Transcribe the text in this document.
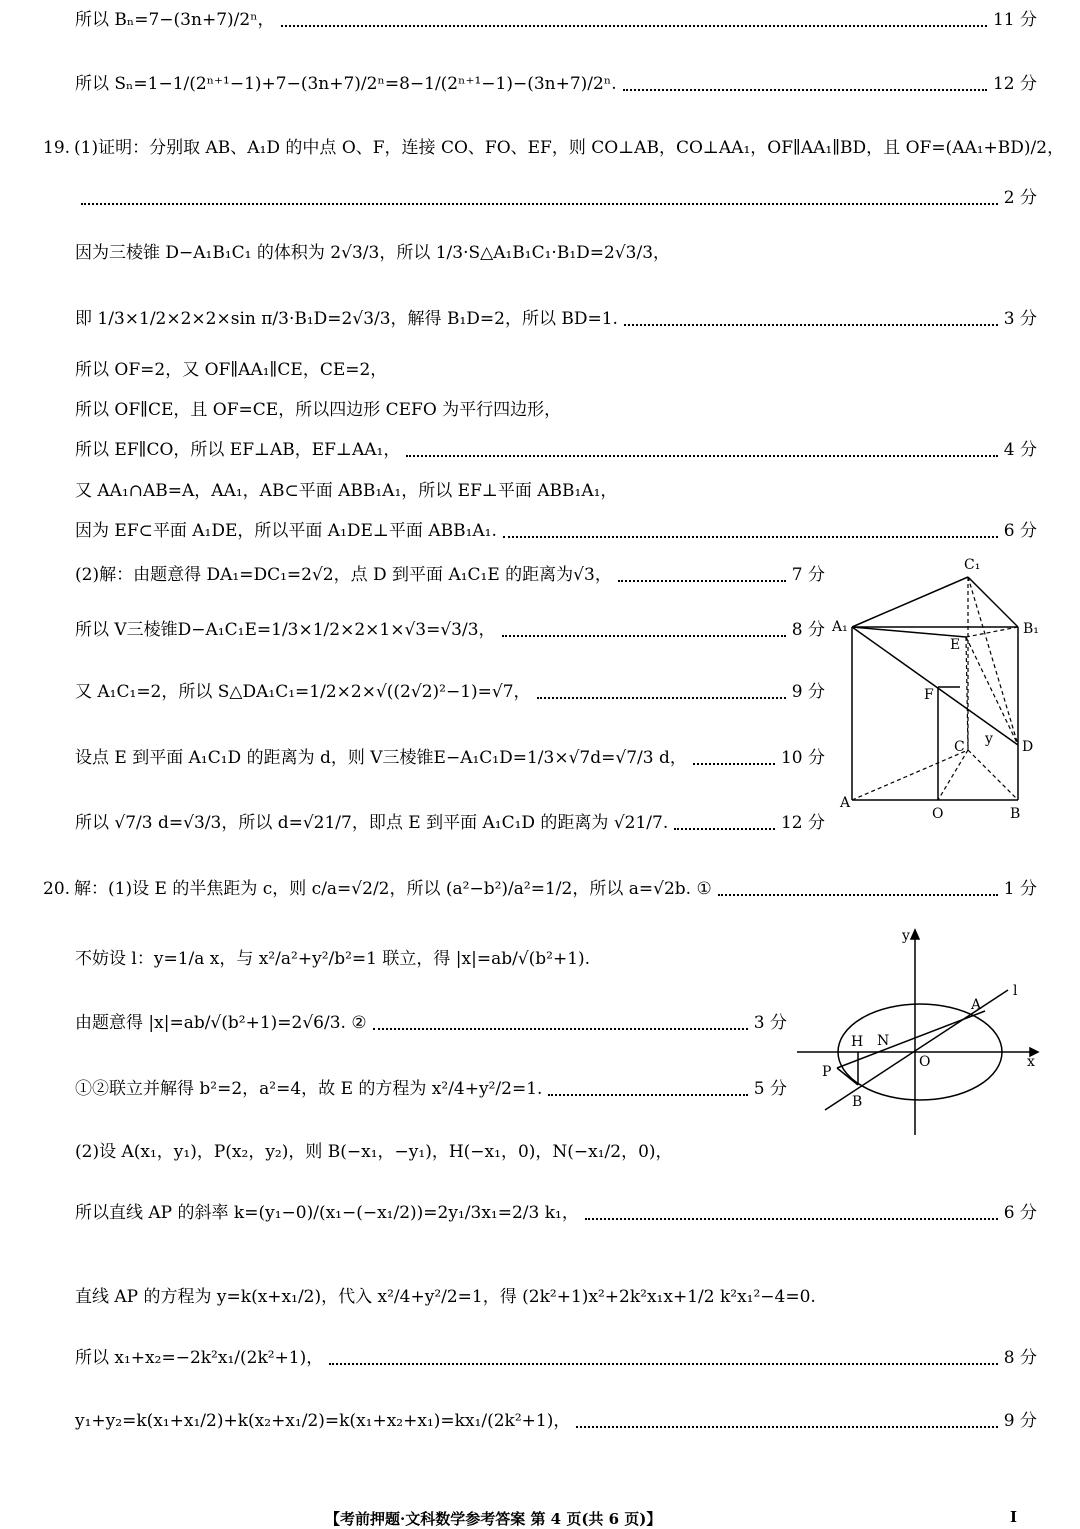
所以 Bₙ=7−(3n+7)/2ⁿ，	11 分
所以 Sₙ=1−1/(2ⁿ⁺¹−1)+7−(3n+7)/2ⁿ=8−1/(2ⁿ⁺¹−1)−(3n+7)/2ⁿ.	12 分
19. (1)证明：分别取 AB、A₁D 的中点 O、F，连接 CO、FO、EF，则 CO⊥AB，CO⊥AA₁，OF∥AA₁∥BD，且 OF=(AA₁+BD)/2，
2 分
因为三棱锥 D−A₁B₁C₁ 的体积为 2√3/3，所以 1/3·S△A₁B₁C₁·B₁D=2√3/3，
即 1/3×1/2×2×2×sin π/3·B₁D=2√3/3，解得 B₁D=2，所以 BD=1.	3 分
所以 OF=2，又 OF∥AA₁∥CE，CE=2，
所以 OF∥CE，且 OF=CE，所以四边形 CEFO 为平行四边形，
所以 EF∥CO，所以 EF⊥AB，EF⊥AA₁，	4 分
又 AA₁∩AB=A，AA₁，AB⊂平面 ABB₁A₁，所以 EF⊥平面 ABB₁A₁，
因为 EF⊂平面 A₁DE，所以平面 A₁DE⊥平面 ABB₁A₁.	6 分
(2)解：由题意得 DA₁=DC₁=2√2，点 D 到平面 A₁C₁E 的距离为√3，	7 分
所以 V三棱锥D−A₁C₁E=1/3×1/2×2×1×√3=√3/3，	8 分
又 A₁C₁=2，所以 S△DA₁C₁=1/2×2×√((2√2)²−1)=√7，	9 分
设点 E 到平面 A₁C₁D 的距离为 d，则 V三棱锥E−A₁C₁D=1/3×√7d=√7/3 d，	10 分
所以 √7/3 d=√3/3，所以 d=√21/7，即点 E 到平面 A₁C₁D 的距离为 √21/7.	12 分
20. 解：(1)设 E 的半焦距为 c，则 c/a=√2/2，所以 (a²−b²)/a²=1/2，所以 a=√2b. ①	1 分
不妨设 l：y=1/a x，与 x²/a²+y²/b²=1 联立，得 |x|=ab/√(b²+1).
由题意得 |x|=ab/√(b²+1)=2√6/3. ②	3 分
①②联立并解得 b²=2，a²=4，故 E 的方程为 x²/4+y²/2=1.	5 分
(2)设 A(x₁，y₁)，P(x₂，y₂)，则 B(−x₁，−y₁)，H(−x₁，0)，N(−x₁/2，0)，
所以直线 AP 的斜率 k=(y₁−0)/(x₁−(−x₁/2))=2y₁/3x₁=2/3 k₁，	6 分
直线 AP 的方程为 y=k(x+x₁/2)，代入 x²/4+y²/2=1，得 (2k²+1)x²+2k²x₁x+1/2 k²x₁²−4=0.
所以 x₁+x₂=−2k²x₁/(2k²+1)，	8 分
y₁+y₂=k(x₁+x₁/2)+k(x₂+x₁/2)=k(x₁+x₂+x₁)=kx₁/(2k²+1)，	9 分
C₁
A₁	B₁
E
F
C y D
A
O	B
y
l
A
H N
O	x
P
B
【考前押题·文科数学参考答案 第 4 页(共 6 页)】	I
